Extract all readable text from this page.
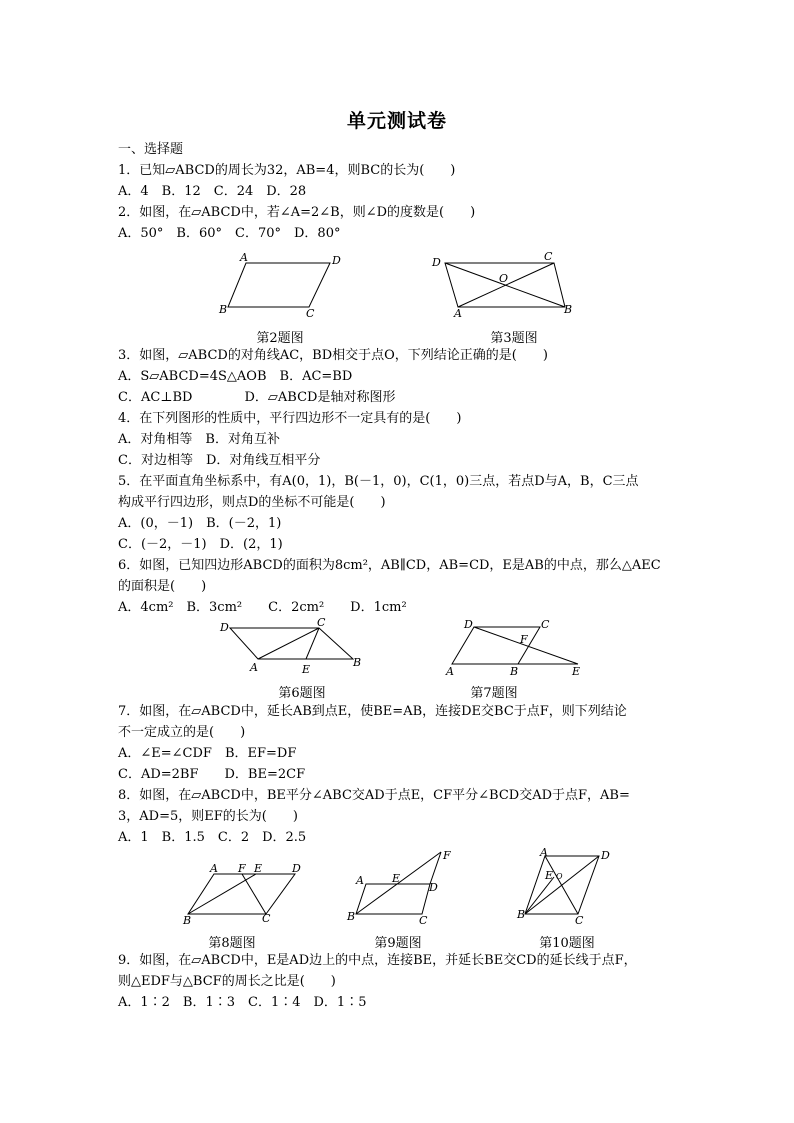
单元测试卷
一、选择题
1．已知▱ABCD的周长为32，AB=4，则BC的长为(　　)
A．4　B．12　C．24　D．28
2．如图，在▱ABCD中，若∠A=2∠B，则∠D的度数是(　　)
A．50°　B．60°　C．70°　D．80°
A	D
B	C
第2题图
D	C
O
A	B
第3题图
3．如图，▱ABCD的对角线AC，BD相交于点O，下列结论正确的是(　　)
A．S▱ABCD=4S△AOB　B．AC=BD
C．AC⊥BD　　　　D．▱ABCD是轴对称图形
4．在下列图形的性质中，平行四边形不一定具有的是(　　)
A．对角相等　B．对角互补
C．对边相等　D．对角线互相平分
5．在平面直角坐标系中，有A(0，1)，B(－1，0)，C(1，0)三点，若点D与A，B，C三点
构成平行四边形，则点D的坐标不可能是(　　)
A．(0，－1)　B．(－2，1)
C．(－2，－1)　D．(2，1)
6．如图，已知四边形ABCD的面积为8cm²，AB∥CD，AB=CD，E是AB的中点，那么△AEC
的面积是(　　)
A．4cm²　B．3cm²　　C．2cm²　　D．1cm²
D	C
A	E
B
第6题图
D	C
F
A	B	E
第7题图
7．如图，在▱ABCD中，延长AB到点E，使BE=AB，连接DE交BC于点F，则下列结论
不一定成立的是(　　)
A．∠E=∠CDF　B．EF=DF
C．AD=2BF　　D．BE=2CF
8．如图，在▱ABCD中，BE平分∠ABC交AD于点E，CF平分∠BCD交AD于点F，AB=
3，AD=5，则EF的长为(　　)
A．1　B．1.5　C．2　D．2.5
A F E	D
B	C
第8题图
F
A	E
D
B	C
第9题图
A	D
E O
B	C
第10题图
9．如图，在▱ABCD中，E是AD边上的中点，连接BE，并延长BE交CD的延长线于点F，
则△EDF与△BCF的周长之比是(　　)
A．1∶2　B．1∶3　C．1∶4　D．1∶5
